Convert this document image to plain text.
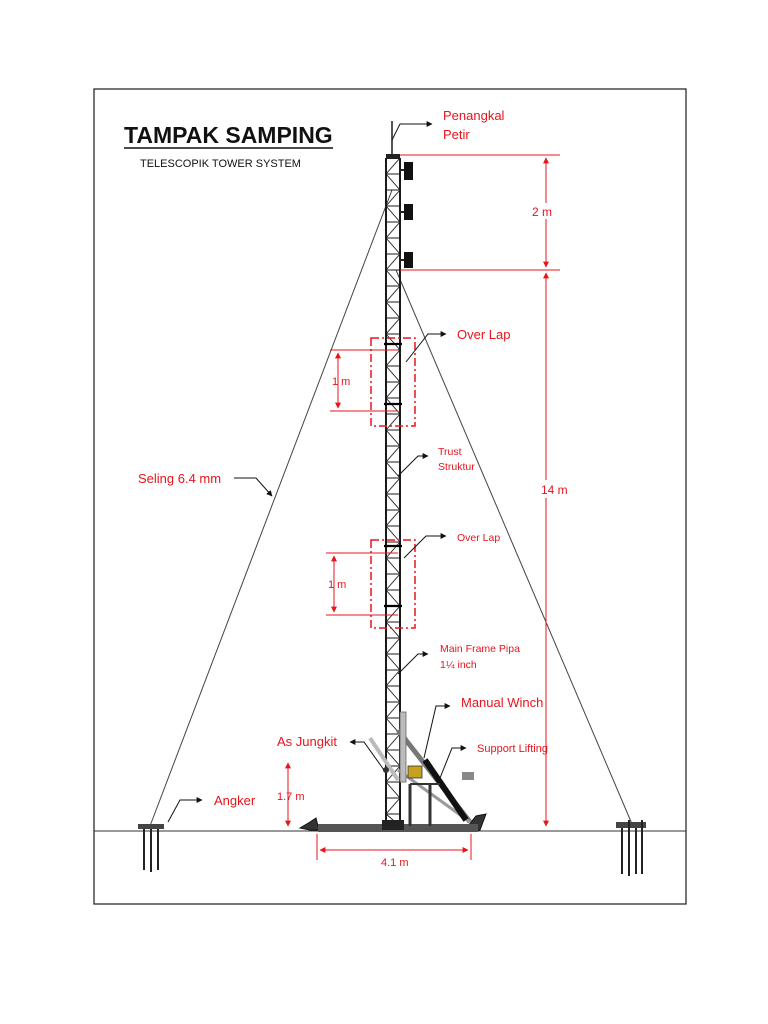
TAMPAK SAMPING
TELESCOPIK TOWER SYSTEM
2 m
14 m
1 m
1 m
1.7 m
4.1 m
Penangkal
Petir
Over Lap
Trust
Struktur
Over Lap
Seling 6.4 mm
Main Frame Pipa
1¼ inch
Manual Winch
As Jungkit	Support Lifting
Angker
